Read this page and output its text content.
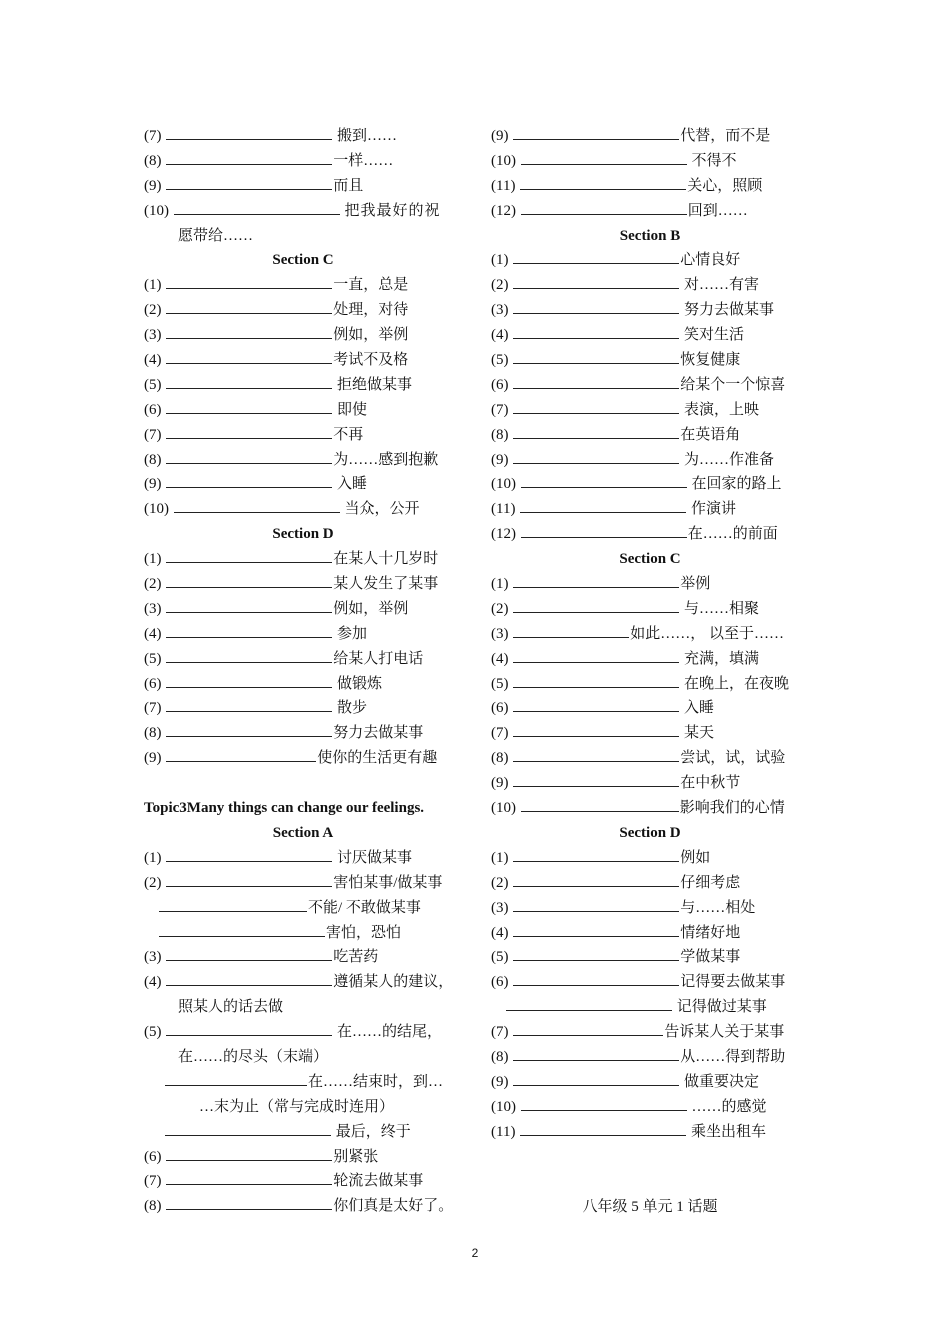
(7)	搬到……
(8)	一样……
(9)	而且
(10)	把我最好的祝
愿带给……
Section C
(1)	一直，总是
(2)	处理，对待
(3)	例如，举例
(4)	考试不及格
(5)	拒绝做某事
(6)	即使
(7)	不再
(8)	为……感到抱歉
(9)	入睡
(10)	当众，公开
Section D
(1)	在某人十几岁时
(2)	某人发生了某事
(3)	例如，举例
(4)	参加
(5)	给某人打电话
(6)	做锻炼
(7)	散步
(8)	努力去做某事
(9)	使你的生活更有趣
Topic3Many things can change our feelings.
Section A
(1)	讨厌做某事
(2)	害怕某事/做某事
不能/ 不敢做某事
害怕，恐怕
(3)	吃苦药
(4)	遵循某人的建议，
照某人的话去做
(5)	在……的结尾，
在……的尽头（末端）
在……结束时，到…
…末为止（常与完成时连用）
最后，终于
(6)	别紧张
(7)	轮流去做某事
(8)	你们真是太好了。
(9)	代替，而不是
(10)	不得不
(11)	关心，照顾
(12)	回到……
Section B
(1)	心情良好
(2)	对……有害
(3)	努力去做某事
(4)	笑对生活
(5)	恢复健康
(6)	给某个一个惊喜
(7)	表演，上映
(8)	在英语角
(9)	为……作准备
(10)	在回家的路上
(11)	作演讲
(12)	在……的前面
Section C
(1)	举例
(2)	与……相聚
(3)	如此……， 以至于……
(4)	充满，填满
(5)	在晚上，在夜晚
(6)	入睡
(7)	某天
(8)	尝试，试，试验
(9)	在中秋节
(10)	影响我们的心情
Section D
(1)	例如
(2)	仔细考虑
(3)	与……相处
(4)	情绪好地
(5)	学做某事
(6)	记得要去做某事
记得做过某事
(7)	告诉某人关于某事
(8)	从……得到帮助
(9)	做重要决定
(10)	……的感觉
(11)	乘坐出租车
八年级 5 单元 1 话题
2
